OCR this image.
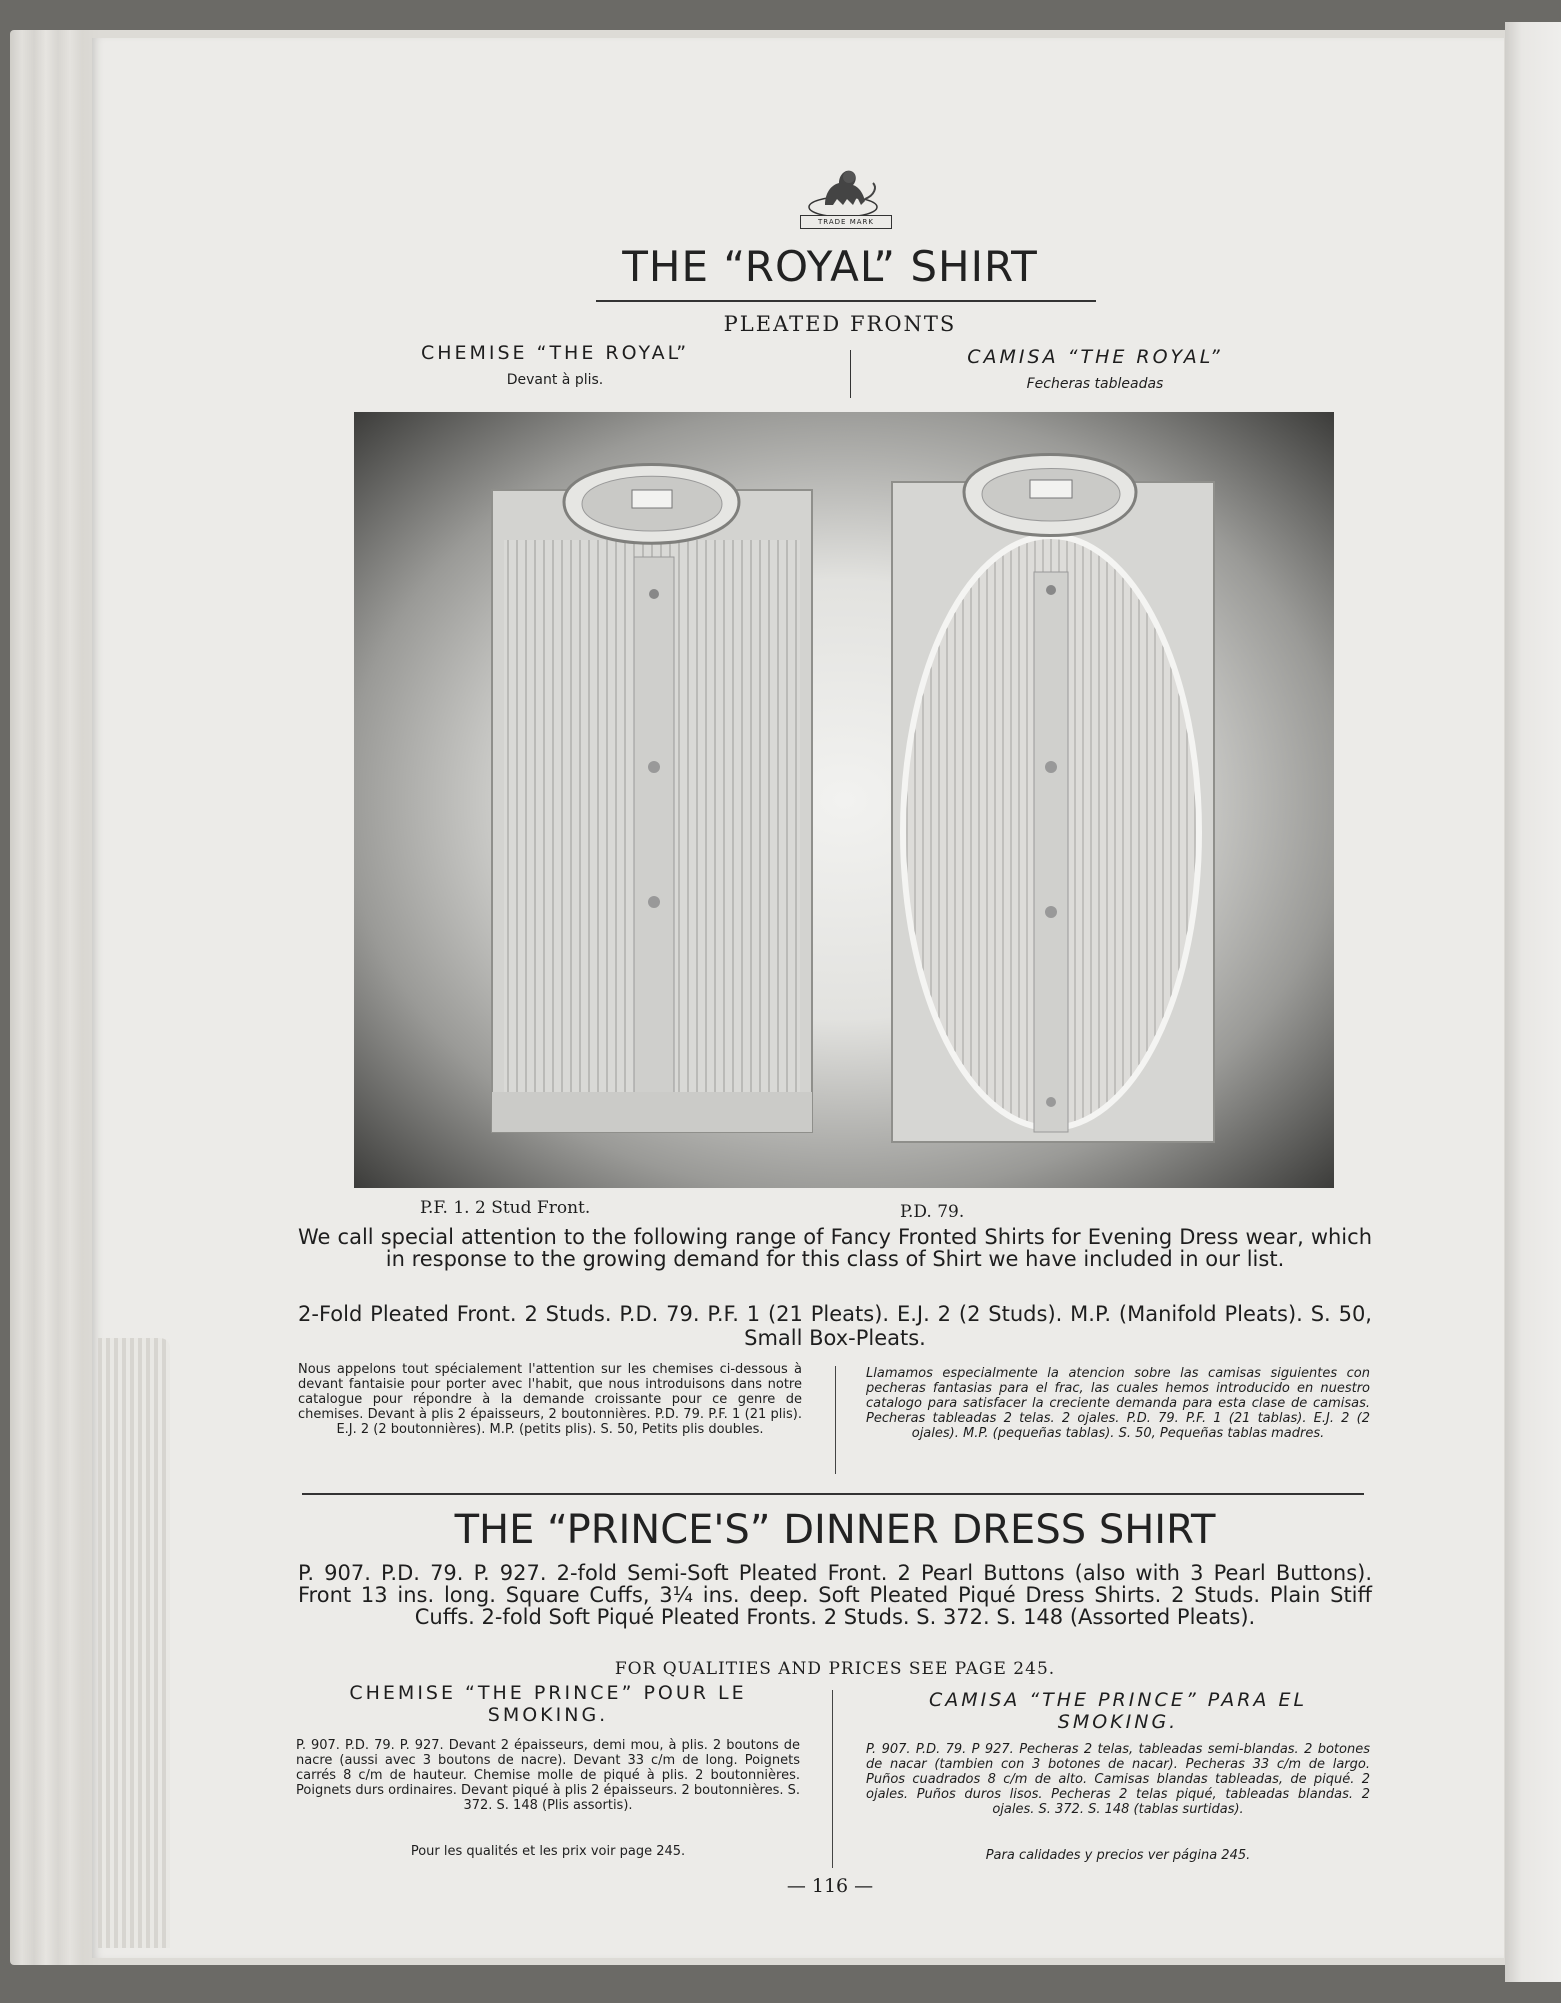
TRADE MARK
THE “ROYAL” SHIRT
PLEATED FRONTS
CHEMISE “THE ROYAL”
Devant à plis.
CAMISA “THE ROYAL”
Fecheras tableadas
P.F. 1. 2 Stud Front.	P.D. 79.
We call special attention to the following range of Fancy Fronted Shirts for Evening Dress wear, which in response to the growing demand for this class of Shirt we have included in our list.
2-Fold Pleated Front. 2 Studs. P.D. 79. P.F. 1 (21 Pleats). E.J. 2 (2 Studs). M.P. (Manifold Pleats). S. 50, Small Box-Pleats.
Nous appelons tout spécialement l'attention sur les chemises ci-dessous à devant fantaisie pour porter avec l'habit, que nous introduisons dans notre catalogue pour répondre à la demande croissante pour ce genre de chemises. Devant à plis 2 épaisseurs, 2 boutonnières. P.D. 79. P.F. 1 (21 plis). E.J. 2 (2 boutonnières). M.P. (petits plis). S. 50, Petits plis doubles.
Llamamos especialmente la atencion sobre las camisas siguientes con pecheras fantasias para el frac, las cuales hemos introducido en nuestro catalogo para satisfacer la creciente demanda para esta clase de camisas. Pecheras tableadas 2 telas. 2 ojales. P.D. 79. P.F. 1 (21 tablas). E.J. 2 (2 ojales). M.P. (pequeñas tablas). S. 50, Pequeñas tablas madres.
THE “PRINCE'S” DINNER DRESS SHIRT
P. 907. P.D. 79. P. 927. 2-fold Semi-Soft Pleated Front. 2 Pearl Buttons (also with 3 Pearl Buttons). Front 13 ins. long. Square Cuffs, 3¼ ins. deep. Soft Pleated Piqué Dress Shirts. 2 Studs. Plain Stiff Cuffs. 2-fold Soft Piqué Pleated Fronts. 2 Studs. S. 372. S. 148 (Assorted Pleats).
FOR QUALITIES AND PRICES SEE PAGE 245.
CHEMISE “THE PRINCE” POUR LE SMOKING.
CAMISA “THE PRINCE” PARA EL SMOKING.
P. 907. P.D. 79. P. 927. Devant 2 épaisseurs, demi mou, à plis. 2 boutons de nacre (aussi avec 3 boutons de nacre). Devant 33 c/m de long. Poignets carrés 8 c/m de hauteur. Chemise molle de piqué à plis. 2 boutonnières. Poignets durs ordinaires. Devant piqué à plis 2 épaisseurs. 2 boutonnières. S. 372. S. 148 (Plis assortis).
P. 907. P.D. 79. P 927. Pecheras 2 telas, tableadas semi-blandas. 2 botones de nacar (tambien con 3 botones de nacar). Pecheras 33 c/m de largo. Puños cuadrados 8 c/m de alto. Camisas blandas tableadas, de piqué. 2 ojales. Puños duros lisos. Pecheras 2 telas piqué, tableadas blandas. 2 ojales. S. 372. S. 148 (tablas surtidas).
Pour les qualités et les prix voir page 245.	Para calidades y precios ver página 245.
— 116 —
